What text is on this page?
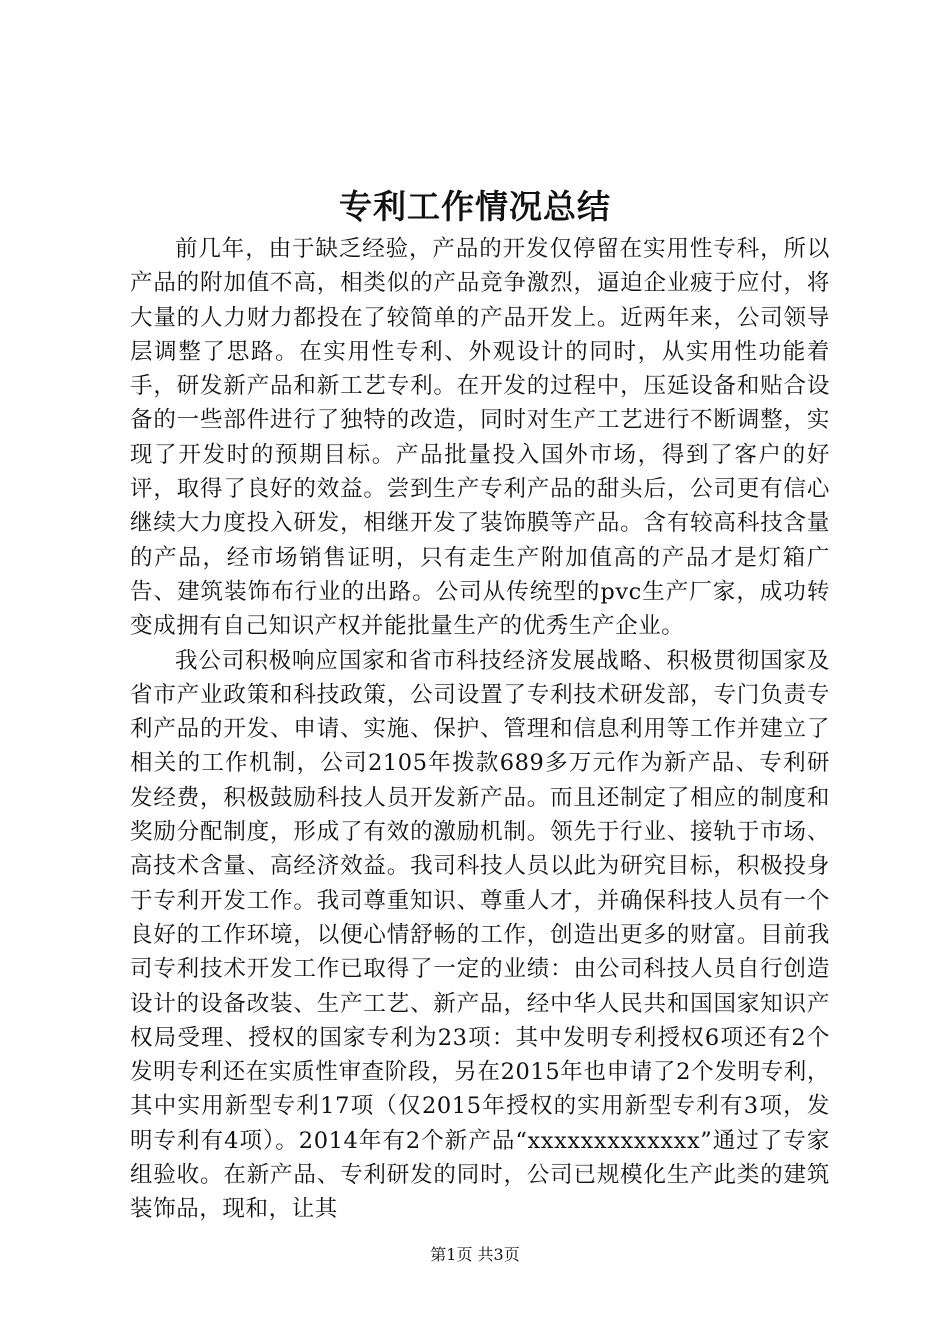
专利工作情况总结

前几年，由于缺乏经验，产品的开发仅停留在实用性专科，所以产品的附加值不高，相类似的产品竞争激烈，逼迫企业疲于应付，将大量的人力财力都投在了较简单的产品开发上。近两年来，公司领导层调整了思路。在实用性专利、外观设计的同时，从实用性功能着手，研发新产品和新工艺专利。在开发的过程中，压延设备和贴合设备的一些部件进行了独特的改造，同时对生产工艺进行不断调整，实现了开发时的预期目标。产品批量投入国外市场，得到了客户的好评，取得了良好的效益。尝到生产专利产品的甜头后，公司更有信心继续大力度投入研发，相继开发了装饰膜等产品。含有较高科技含量的产品，经市场销售证明，只有走生产附加值高的产品才是灯箱广告、建筑装饰布行业的出路。公司从传统型的pvc生产厂家，成功转变成拥有自己知识产权并能批量生产的优秀生产企业。

我公司积极响应国家和省市科技经济发展战略、积极贯彻国家及省市产业政策和科技政策，公司设置了专利技术研发部，专门负责专利产品的开发、申请、实施、保护、管理和信息利用等工作并建立了相关的工作机制，公司2105年拨款689多万元作为新产品、专利研发经费，积极鼓励科技人员开发新产品。而且还制定了相应的制度和奖励分配制度，形成了有效的激励机制。领先于行业、接轨于市场、高技术含量、高经济效益。我司科技人员以此为研究目标，积极投身于专利开发工作。我司尊重知识、尊重人才，并确保科技人员有一个良好的工作环境，以便心情舒畅的工作，创造出更多的财富。目前我司专利技术开发工作已取得了一定的业绩：由公司科技人员自行创造设计的设备改装、生产工艺、新产品，经中华人民共和国国家知识产权局受理、授权的国家专利为23项：其中发明专利授权6项还有2个发明专利还在实质性审查阶段，另在2015年也申请了2个发明专利，其中实用新型专利17项（仅2015年授权的实用新型专利有3项，发明专利有4项）。2014年有2个新产品“xxxxxxxxxxxxx”通过了专家组验收。在新产品、专利研发的同时，公司已规模化生产此类的建筑装饰品，现和，让其

第1页 共3页
